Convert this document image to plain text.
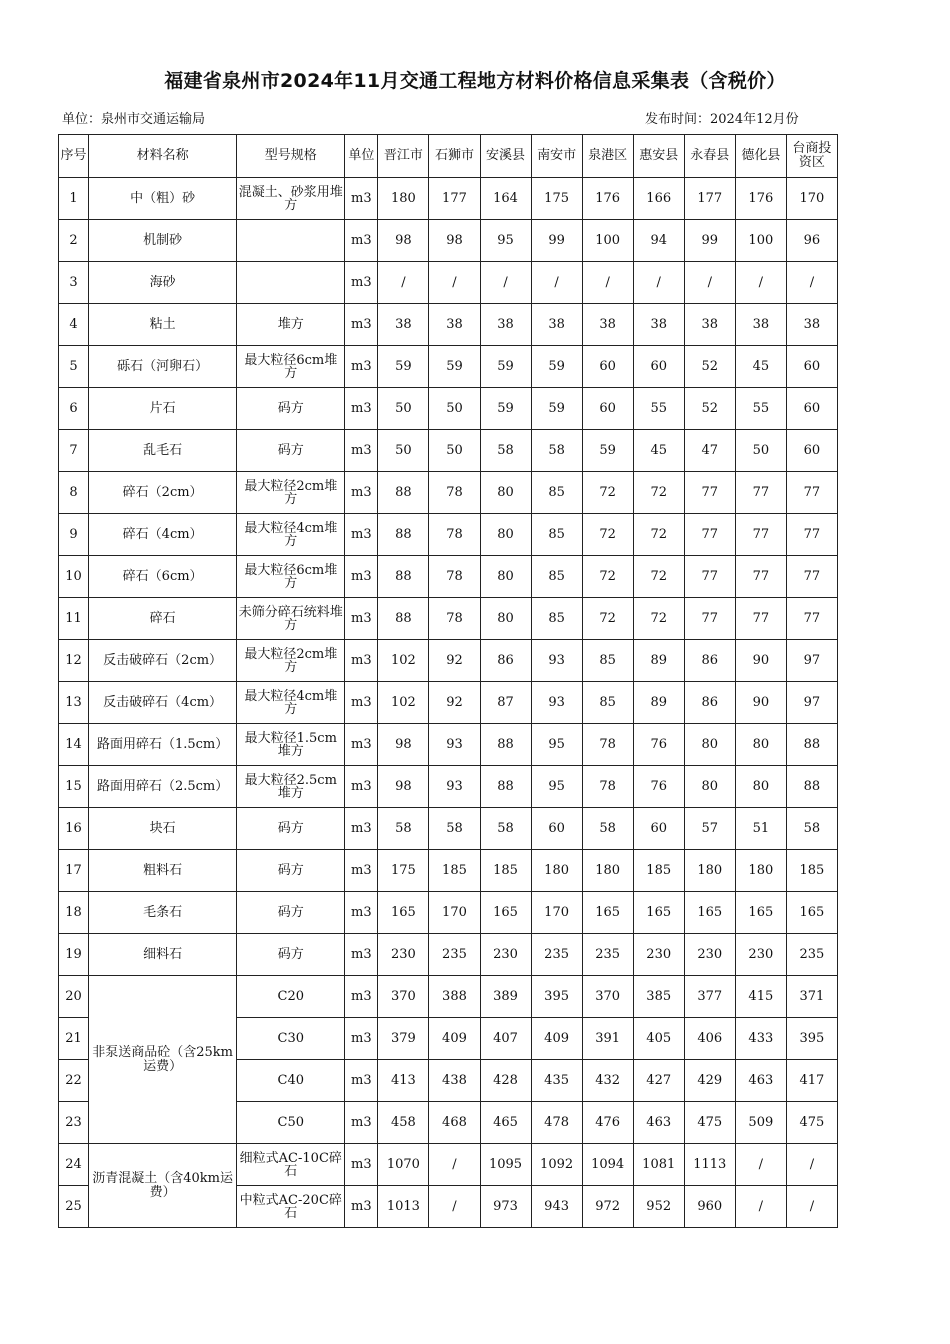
福建省泉州市2024年11月交通工程地方材料价格信息采集表（含税价）
单位：泉州市交通运输局	发布时间：2024年12月份
序号	材料名称	型号规格	单位	晋江市	石狮市	安溪县	南安市	泉港区	惠安县	永春县	德化县	台商投资区
1	中（粗）砂	混凝土、砂浆用堆方	m3	180	177	164	175	176	166	177	176	170
2	机制砂		m3	98	98	95	99	100	94	99	100	96
3	海砂		m3	/	/	/	/	/	/	/	/	/
4	粘土	堆方	m3	38	38	38	38	38	38	38	38	38
5	砾石（河卵石）	最大粒径6cm堆方	m3	59	59	59	59	60	60	52	45	60
6	片石	码方	m3	50	50	59	59	60	55	52	55	60
7	乱毛石	码方	m3	50	50	58	58	59	45	47	50	60
8	碎石（2cm）	最大粒径2cm堆方	m3	88	78	80	85	72	72	77	77	77
9	碎石（4cm）	最大粒径4cm堆方	m3	88	78	80	85	72	72	77	77	77
10	碎石（6cm）	最大粒径6cm堆方	m3	88	78	80	85	72	72	77	77	77
11	碎石	未筛分碎石统料堆方	m3	88	78	80	85	72	72	77	77	77
12	反击破碎石（2cm）	最大粒径2cm堆方	m3	102	92	86	93	85	89	86	90	97
13	反击破碎石（4cm）	最大粒径4cm堆方	m3	102	92	87	93	85	89	86	90	97
14	路面用碎石（1.5cm）	最大粒径1.5cm堆方	m3	98	93	88	95	78	76	80	80	88
15	路面用碎石（2.5cm）	最大粒径2.5cm堆方	m3	98	93	88	95	78	76	80	80	88
16	块石	码方	m3	58	58	58	60	58	60	57	51	58
17	粗料石	码方	m3	175	185	185	180	180	185	180	180	185
18	毛条石	码方	m3	165	170	165	170	165	165	165	165	165
19	细料石	码方	m3	230	235	230	235	235	230	230	230	235
20	非泵送商品砼（含25km运费）	C20	m3	370	388	389	395	370	385	377	415	371
21		C30	m3	379	409	407	409	391	405	406	433	395
22		C40	m3	413	438	428	435	432	427	429	463	417
23		C50	m3	458	468	465	478	476	463	475	509	475
24	沥青混凝土（含40km运费）	细粒式AC-10C碎石	m3	1070	/	1095	1092	1094	1081	1113	/	/
25		中粒式AC-20C碎石	m3	1013	/	973	943	972	952	960	/	/
